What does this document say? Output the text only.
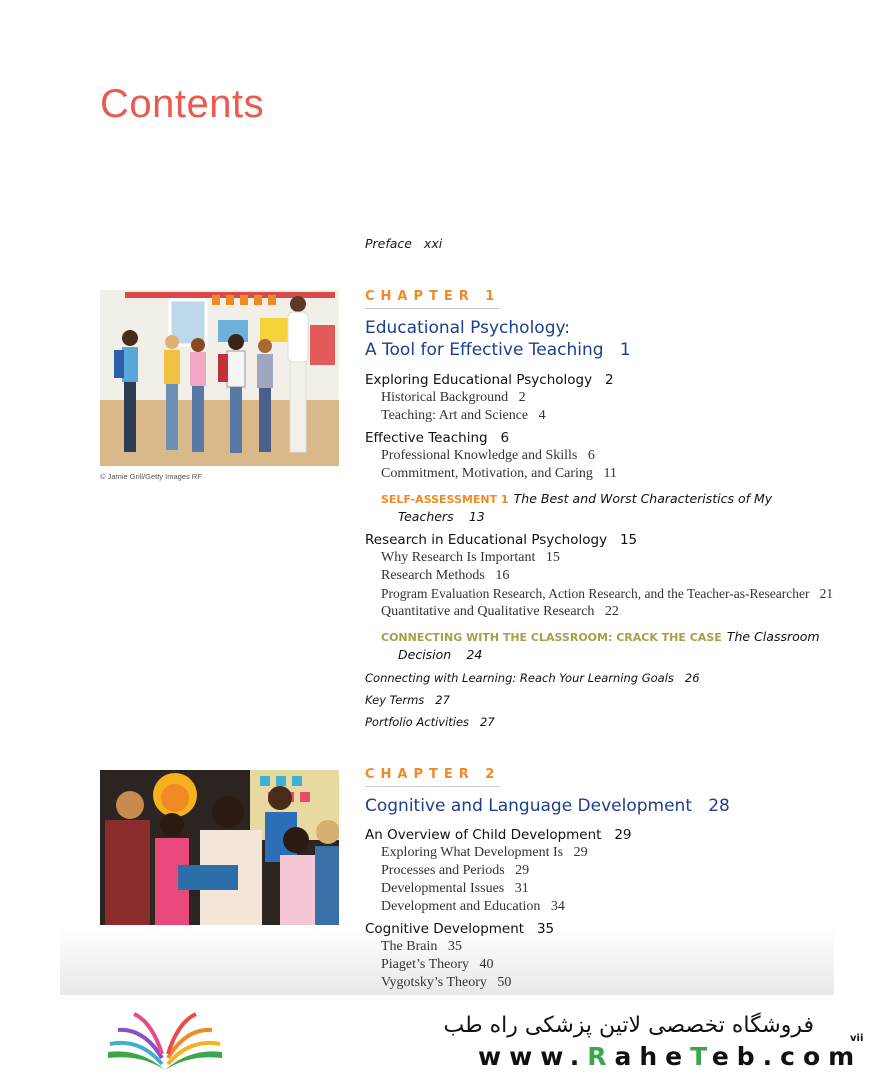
Contents
Preface xxi
© Jamie Grill/Getty Images RF
CHAPTER 1
Educational Psychology:
A Tool for Effective Teaching 1
Exploring Educational Psychology 2
Historical Background 2
Teaching: Art and Science 4
Effective Teaching 6
Professional Knowledge and Skills 6
Commitment, Motivation, and Caring 11
SELF-ASSESSMENT 1 The Best and Worst Characteristics of My
Teachers 13
Research in Educational Psychology 15
Why Research Is Important 15
Research Methods 16
Program Evaluation Research, Action Research, and the Teacher-as-Researcher 21
Quantitative and Qualitative Research 22
CONNECTING WITH THE CLASSROOM: CRACK THE CASE The Classroom
Decision 24
Connecting with Learning: Reach Your Learning Goals 26
Key Terms 27
Portfolio Activities 27
CHAPTER 2
Cognitive and Language Development 28
An Overview of Child Development 29
Exploring What Development Is 29
Processes and Periods 29
Developmental Issues 31
Development and Education 34
Cognitive Development 35
The Brain 35
Piaget’s Theory 40
Vygotsky’s Theory 50
فروشگاه تخصصی لاتین پزشکی راه طب
www.RaheTeb.com
vii
